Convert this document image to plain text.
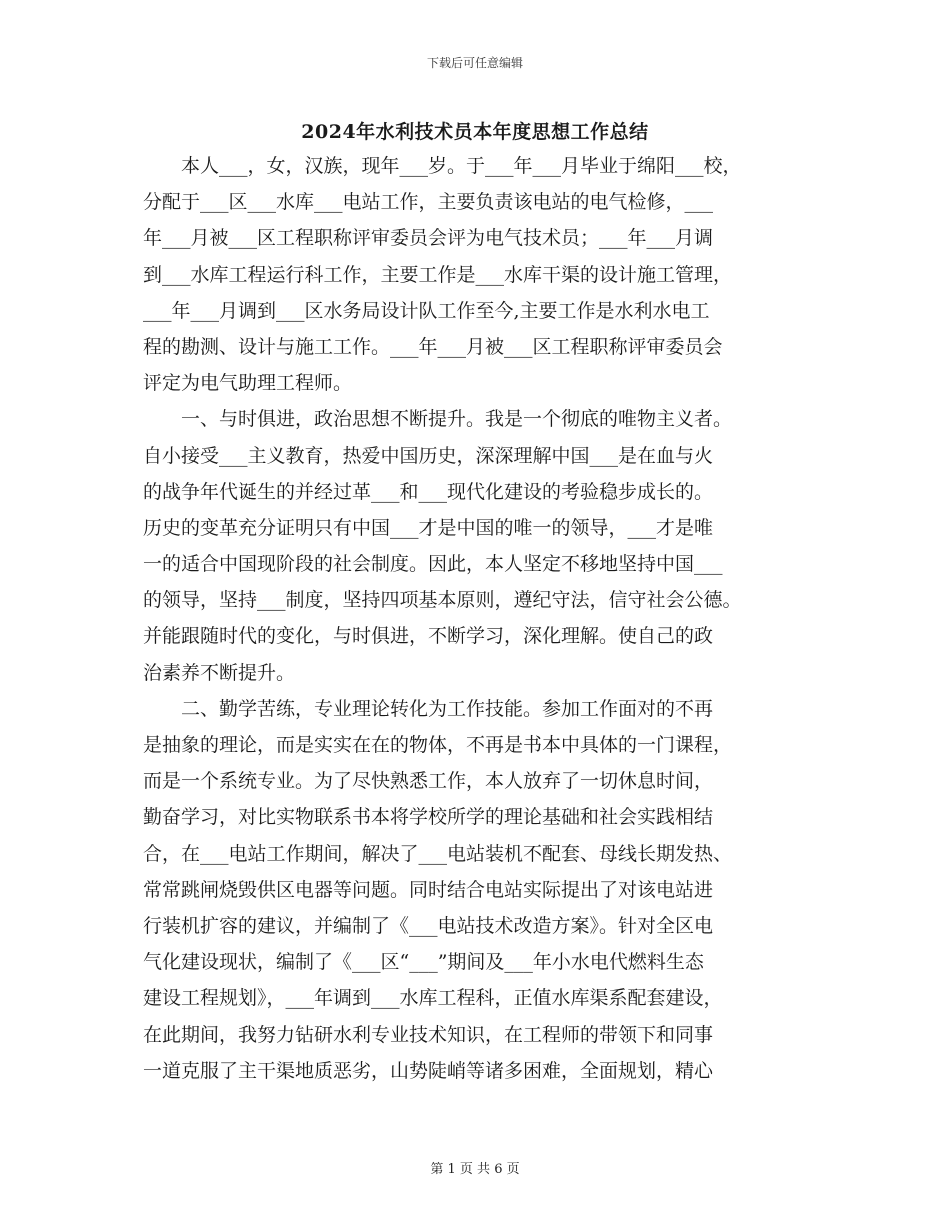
下载后可任意编辑
2024年水利技术员本年度思想工作总结
　　本人___，女，汉族，现年___岁。于___年___月毕业于绵阳___校，
分配于___区___水库___电站工作，主要负责该电站的电气检修，___
年___月被___区工程职称评审委员会评为电气技术员；___年___月调
到___水库工程运行科工作，主要工作是___水库干渠的设计施工管理，
___年___月调到___区水务局设计队工作至今,主要工作是水利水电工
程的勘测、设计与施工工作。___年___月被___区工程职称评审委员会
评定为电气助理工程师。
　　一、与时俱进，政治思想不断提升。我是一个彻底的唯物主义者。
自小接受___主义教育，热爱中国历史，深深理解中国___是在血与火
的战争年代诞生的并经过革___和___现代化建设的考验稳步成长的。
历史的变革充分证明只有中国___才是中国的唯一的领导，___才是唯
一的适合中国现阶段的社会制度。因此，本人坚定不移地坚持中国___
的领导，坚持___制度，坚持四项基本原则，遵纪守法，信守社会公德。
并能跟随时代的变化，与时俱进，不断学习，深化理解。使自己的政
治素养不断提升。
　　二、勤学苦练，专业理论转化为工作技能。参加工作面对的不再
是抽象的理论，而是实实在在的物体，不再是书本中具体的一门课程，
而是一个系统专业。为了尽快熟悉工作，本人放弃了一切休息时间，
勤奋学习，对比实物联系书本将学校所学的理论基础和社会实践相结
合，在___电站工作期间，解决了___电站装机不配套、母线长期发热、
常常跳闸烧毁供区电器等问题。同时结合电站实际提出了对该电站进
行装机扩容的建议，并编制了《___电站技术改造方案》。针对全区电
气化建设现状，编制了《___区“___”期间及___年小水电代燃料生态
建设工程规划》，___年调到___水库工程科，正值水库渠系配套建设，
在此期间，我努力钻研水利专业技术知识，在工程师的带领下和同事
一道克服了主干渠地质恶劣，山势陡峭等诸多困难，全面规划，精心
第 1 页 共 6 页
